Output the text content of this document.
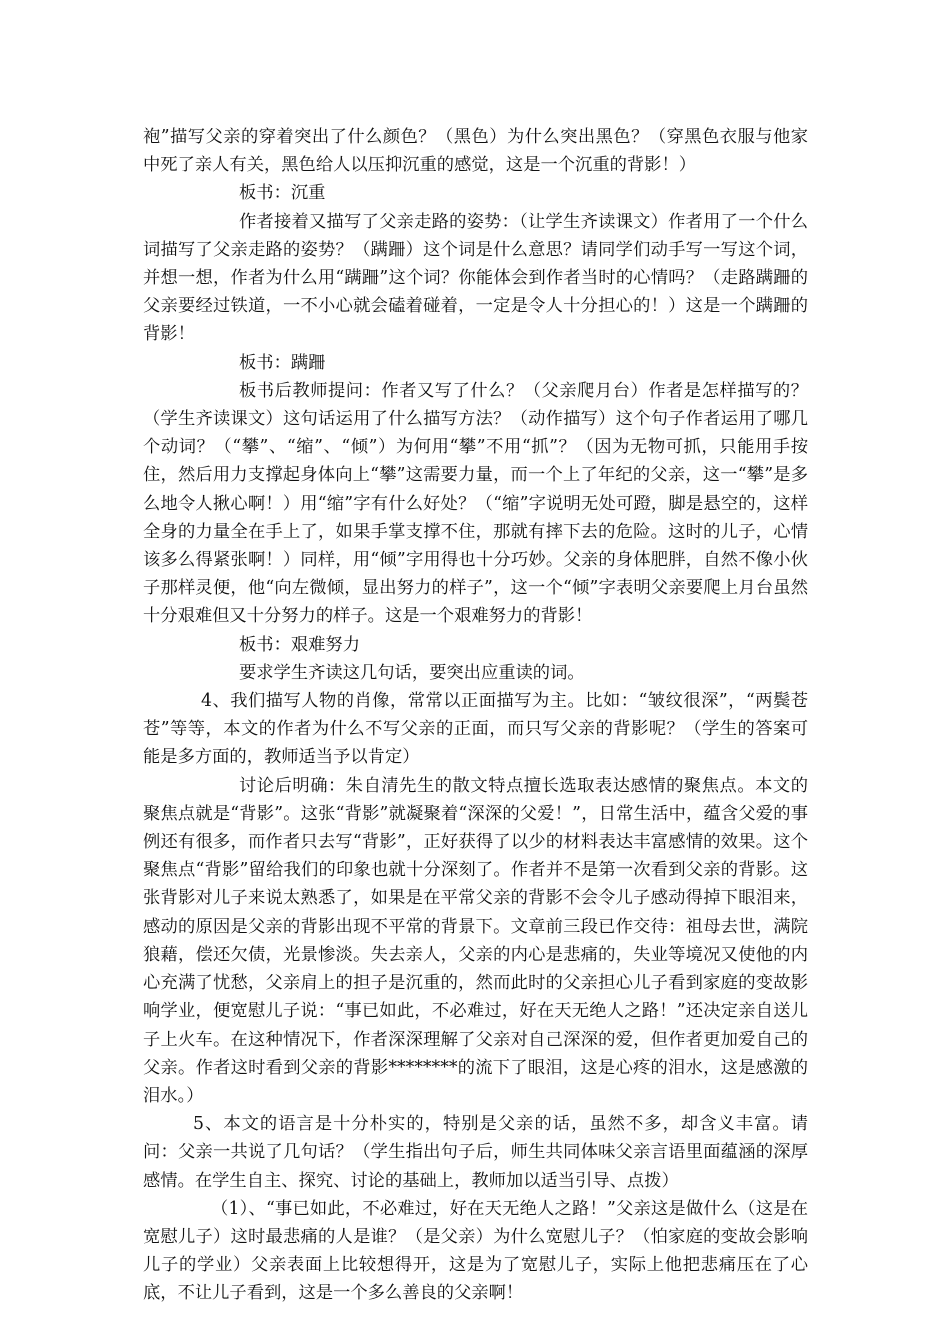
袍”描写父亲的穿着突出了什么颜色？（黑色）为什么突出黑色？（穿黑色衣服与他家中死了亲人有关，黑色给人以压抑沉重的感觉，这是一个沉重的背影！）

板书：沉重

作者接着又描写了父亲走路的姿势：（让学生齐读课文）作者用了一个什么词描写了父亲走路的姿势？（蹒跚）这个词是什么意思？请同学们动手写一写这个词，并想一想，作者为什么用“蹒跚”这个词？你能体会到作者当时的心情吗？（走路蹒跚的父亲要经过铁道，一不小心就会磕着碰着，一定是令人十分担心的！）这是一个蹒跚的背影！

板书：蹒跚

板书后教师提问：作者又写了什么？（父亲爬月台）作者是怎样描写的？（学生齐读课文）这句话运用了什么描写方法？（动作描写）这个句子作者运用了哪几个动词？（“攀”、“缩”、“倾”）为何用“攀”不用“抓”？（因为无物可抓，只能用手按住，然后用力支撑起身体向上“攀”这需要力量，而一个上了年纪的父亲，这一“攀”是多么地令人揪心啊！）用“缩”字有什么好处？（“缩”字说明无处可蹬，脚是悬空的，这样全身的力量全在手上了，如果手掌支撑不住，那就有摔下去的危险。这时的儿子，心情该多么得紧张啊！）同样，用“倾”字用得也十分巧妙。父亲的身体肥胖，自然不像小伙子那样灵便，他“向左微倾，显出努力的样子”，这一个“倾”字表明父亲要爬上月台虽然十分艰难但又十分努力的样子。这是一个艰难努力的背影！

板书：艰难努力

要求学生齐读这几句话，要突出应重读的词。

4、我们描写人物的肖像，常常以正面描写为主。比如：“皱纹很深”，“两鬓苍苍”等等，本文的作者为什么不写父亲的正面，而只写父亲的背影呢？（学生的答案可能是多方面的，教师适当予以肯定）

讨论后明确：朱自清先生的散文特点擅长选取表达感情的聚焦点。本文的聚焦点就是“背影”。这张“背影”就凝聚着“深深的父爱！”，日常生活中，蕴含父爱的事例还有很多，而作者只去写“背影”，正好获得了以少的材料表达丰富感情的效果。这个聚焦点“背影”留给我们的印象也就十分深刻了。作者并不是第一次看到父亲的背影。这张背影对儿子来说太熟悉了，如果是在平常父亲的背影不会令儿子感动得掉下眼泪来，感动的原因是父亲的背影出现不平常的背景下。文章前三段已作交待：祖母去世，满院狼藉，偿还欠债，光景惨淡。失去亲人，父亲的内心是悲痛的，失业等境况又使他的内心充满了忧愁，父亲肩上的担子是沉重的，然而此时的父亲担心儿子看到家庭的变故影响学业，便宽慰儿子说：“事已如此，不必难过，好在天无绝人之路！”还决定亲自送儿子上火车。在这种情况下，作者深深理解了父亲对自己深深的爱，但作者更加爱自己的父亲。作者这时看到父亲的背影********的流下了眼泪，这是心疼的泪水，这是感激的泪水。）

5、本文的语言是十分朴实的，特别是父亲的话，虽然不多，却含义丰富。请问：父亲一共说了几句话？（学生指出句子后，师生共同体味父亲言语里面蕴涵的深厚感情。在学生自主、探究、讨论的基础上，教师加以适当引导、点拨）

（1）、“事已如此，不必难过，好在天无绝人之路！”父亲这是做什么（这是在宽慰儿子）这时最悲痛的人是谁？（是父亲）为什么宽慰儿子？（怕家庭的变故会影响儿子的学业）父亲表面上比较想得开，这是为了宽慰儿子，实际上他把悲痛压在了心底，不让儿子看到，这是一个多么善良的父亲啊！
